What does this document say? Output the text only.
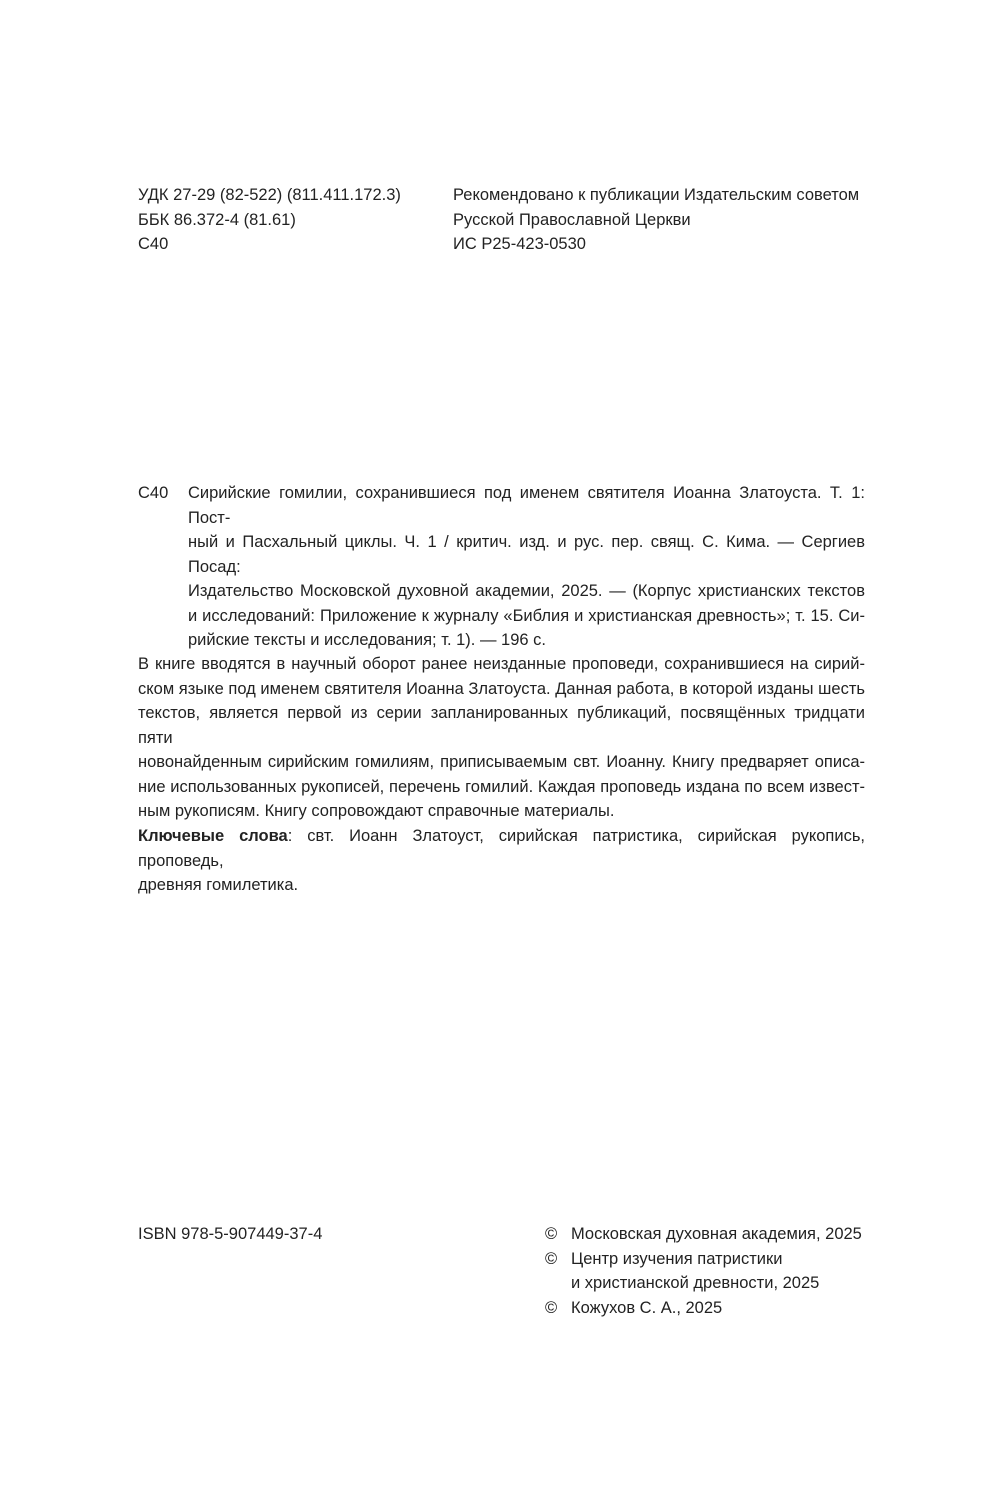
УДК 27-29 (82-522) (811.411.172.3)
ББК 86.372-4 (81.61)
С40
Рекомендовано к публикации Издательским советом
Русской Православной Церкви
ИС Р25-423-0530
С40	Сирийские гомилии, сохранившиеся под именем святителя Иоанна Златоуста. Т. 1: Пост-
ный и Пасхальный циклы. Ч. 1 / критич. изд. и рус. пер. свящ. С. Кима. — Сергиев Посад:
Издательство Московской духовной академии, 2025. — (Корпус христианских текстов
и исследований: Приложение к журналу «Библия и христианская древность»; т. 15. Си-
рийские тексты и исследования; т. 1). — 196 с.
В книге вводятся в научный оборот ранее неизданные проповеди, сохранившиеся на сирий-
ском языке под именем святителя Иоанна Златоуста. Данная работа, в которой изданы шесть
текстов, является первой из серии запланированных публикаций, посвящённых тридцати пяти
новонайденным сирийским гомилиям, приписываемым свт. Иоанну. Книгу предваряет описа-
ние использованных рукописей, перечень гомилий. Каждая проповедь издана по всем извест-
ным рукописям. Книгу сопровождают справочные материалы.
Ключевые слова: свт. Иоанн Златоуст, сирийская патристика, сирийская рукопись, проповедь,
древняя гомилетика.
ISBN 978-5-907449-37-4	© Московская духовная академия, 2025
© Центр изучения патристики
и христианской древности, 2025
© Кожухов С. А., 2025
